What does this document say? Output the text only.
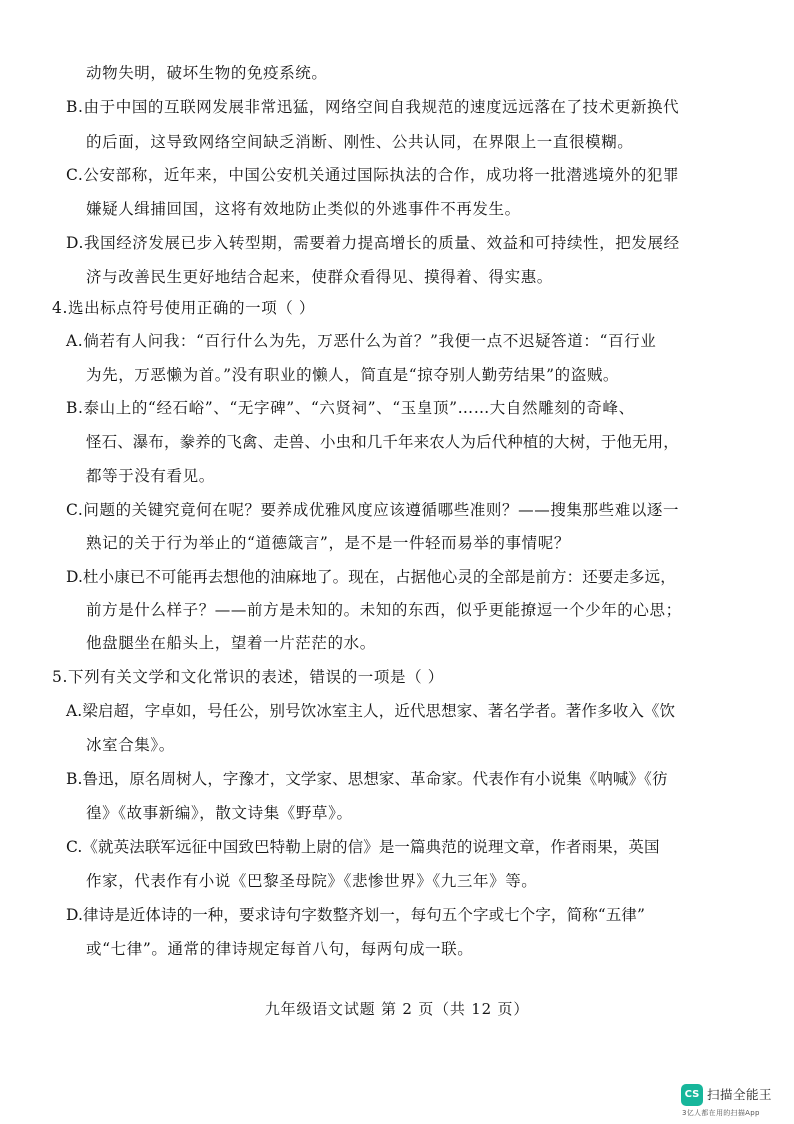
动物失明，破坏生物的免疫系统。

B.由于中国的互联网发展非常迅猛，网络空间自我规范的速度远远落在了技术更新换代

的后面，这导致网络空间缺乏消断、刚性、公共认同，在界限上一直很模糊。

C.公安部称，近年来，中国公安机关通过国际执法的合作，成功将一批潜逃境外的犯罪

嫌疑人缉捕回国，这将有效地防止类似的外逃事件不再发生。

D.我国经济发展已步入转型期，需要着力提高增长的质量、效益和可持续性，把发展经

济与改善民生更好地结合起来，使群众看得见、摸得着、得实惠。

4.选出标点符号使用正确的一项（ ）

A.倘若有人问我：“百行什么为先，万恶什么为首？”我便一点不迟疑答道：“百行业

为先，万恶懒为首。”没有职业的懒人，简直是“掠夺别人勤劳结果”的盗贼。

B.泰山上的“经石峪”、“无字碑”、“六贤祠”、“玉皇顶”……大自然雕刻的奇峰、

怪石、瀑布，豢养的飞禽、走兽、小虫和几千年来农人为后代种植的大树，于他无用，

都等于没有看见。

C.问题的关键究竟何在呢？要养成优雅风度应该遵循哪些准则？——搜集那些难以逐一

熟记的关于行为举止的“道德箴言”，是不是一件轻而易举的事情呢？

D.杜小康已不可能再去想他的油麻地了。现在，占据他心灵的全部是前方：还要走多远，

前方是什么样子？——前方是未知的。未知的东西，似乎更能撩逗一个少年的心思；

他盘腿坐在船头上，望着一片茫茫的水。

5.下列有关文学和文化常识的表述，错误的一项是（ ）

A.梁启超，字卓如，号任公，别号饮冰室主人，近代思想家、著名学者。著作多收入《饮

冰室合集》。

B.鲁迅，原名周树人，字豫才，文学家、思想家、革命家。代表作有小说集《呐喊》《彷

徨》《故事新编》，散文诗集《野草》。

C.《就英法联军远征中国致巴特勒上尉的信》是一篇典范的说理文章，作者雨果，英国

作家，代表作有小说《巴黎圣母院》《悲惨世界》《九三年》等。

D.律诗是近体诗的一种，要求诗句字数整齐划一，每句五个字或七个字，简称“五律”

或“七律”。通常的律诗规定每首八句，每两句成一联。

九年级语文试题 第 2 页（共 12 页）
CS 扫描全能王
3亿人都在用的扫描App
